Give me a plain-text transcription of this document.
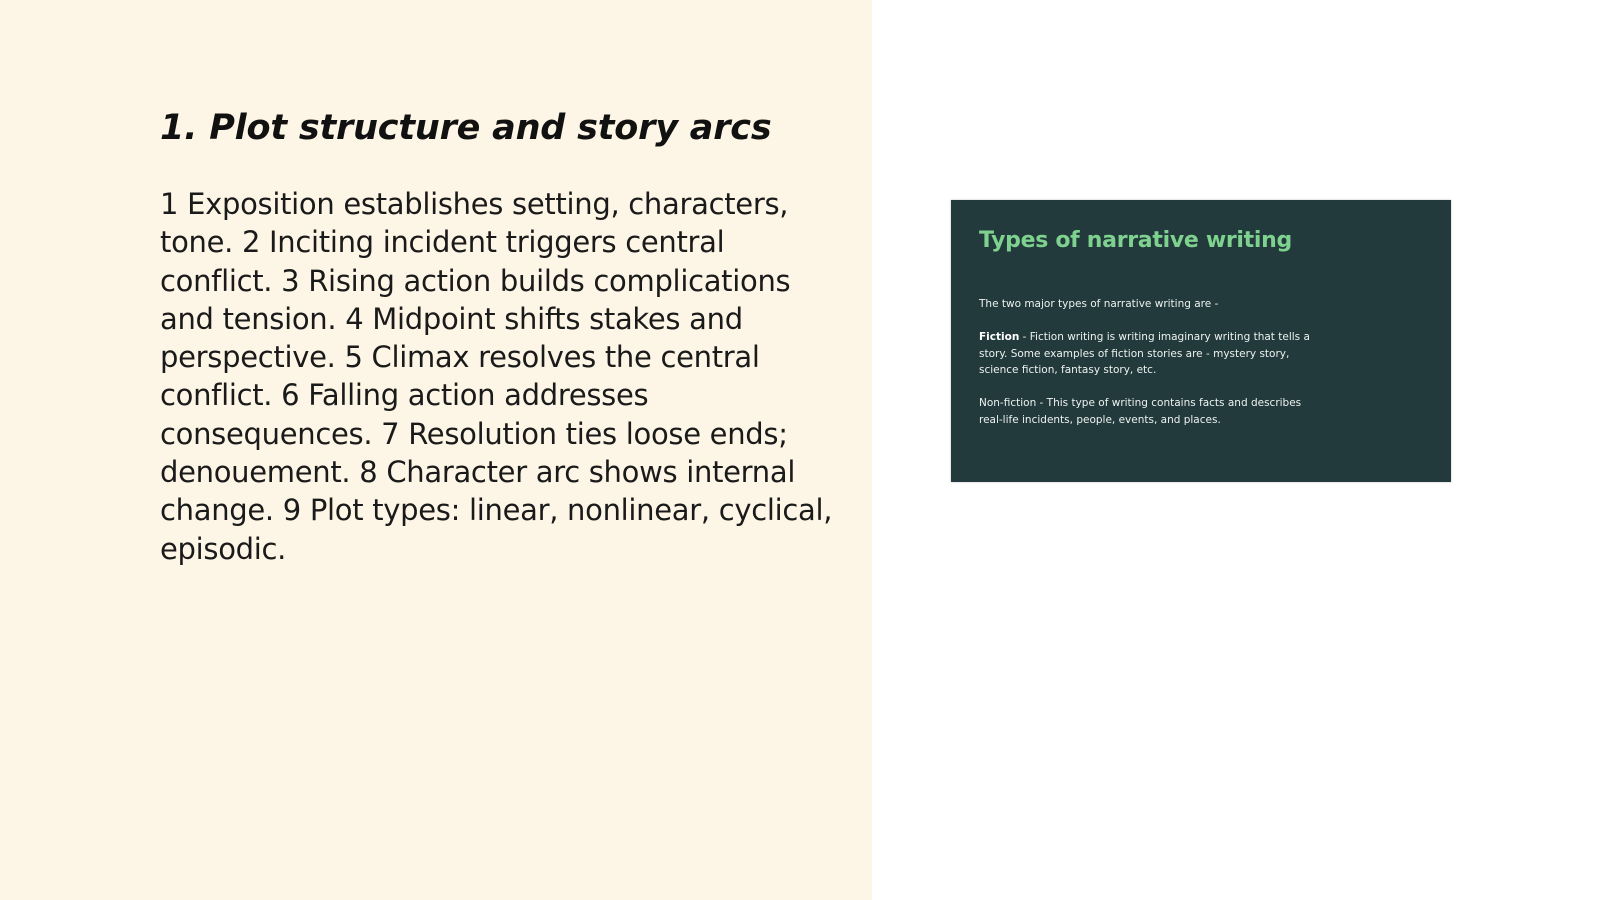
1. Plot structure and story arcs

1 Exposition establishes setting, characters, tone. 2 Inciting incident triggers central conflict. 3 Rising action builds complications and tension. 4 Midpoint shifts stakes and perspective. 5 Climax resolves the central conflict. 6 Falling action addresses consequences. 7 Resolution ties loose ends; denouement. 8 Character arc shows internal change. 9 Plot types: linear, nonlinear, cyclical, episodic.

Types of narrative writing

The two major types of narrative writing are -

Fiction - Fiction writing is writing imaginary writing that tells a story. Some examples of fiction stories are - mystery story, science fiction, fantasy story, etc.

Non-fiction - This type of writing contains facts and describes real-life incidents, people, events, and places.
